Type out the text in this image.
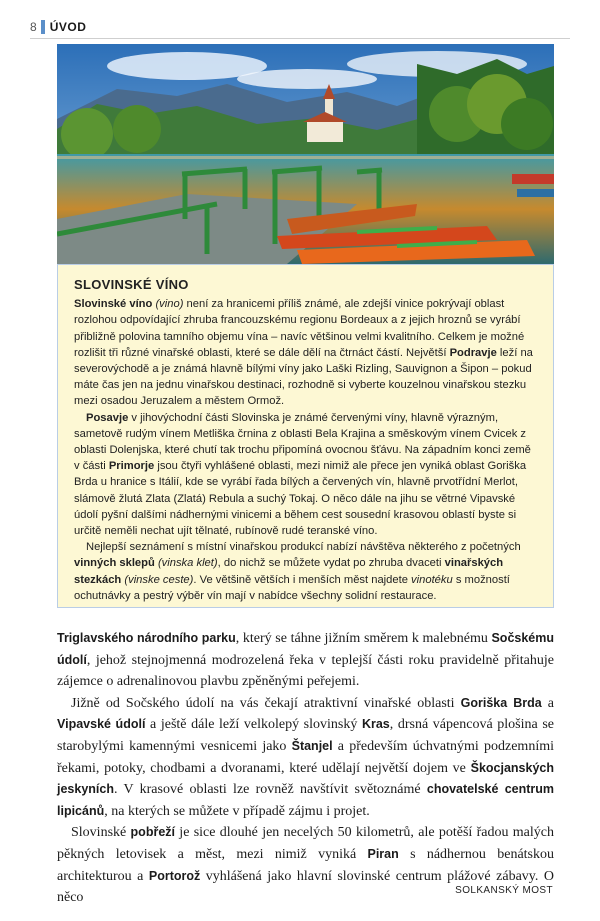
8 ÚVOD
SLOVINSKÉ VÍNO

Slovinské víno (vino) není za hranicemi příliš známé, ale zdejší vinice pokrývají oblast rozlohou odpovídající zhruba francouzskému regionu Bordeaux a z jejich hroznů se vyrábí přibližně polovina tamního objemu vína – navíc většinou velmi kvalitního. Celkem je možné rozlišit tři různé vinařské oblasti, které se dále dělí na čtrnáct částí. Největší Podravje leží na severovýchodě a je známá hlavně bílými víny jako Laški Rizling, Sauvignon a Šipon – pokud máte čas jen na jednu vinařskou destinaci, rozhodně si vyberte kouzelnou vinařskou stezku mezi osadou Jeruzalem a městem Ormož.

Posavje v jihovýchodní části Slovinska je známé červenými víny, hlavně výrazným, sametově rudým vínem Metliška črnina z oblasti Bela Krajina a směskovým vínem Cvicek z oblasti Dolenjska, které chutí tak trochu připomíná ovocnou šťávu. Na západním konci země v části Primorje jsou čtyři vyhlášené oblasti, mezi nimiž ale přece jen vyniká oblast Goriška Brda u hranice s Itálií, kde se vyrábí řada bílých a červených vín, hlavně prvotřídní Merlot, slámově žlutá Zlata (Zlatá) Rebula a suchý Tokaj. O něco dále na jihu se větrné Vipavské údolí pyšní dalšími nádhernými vinicemi a během cest sousední krasovou oblastí byste si určitě neměli nechat ujít tělnaté, rubínově rudé teranské víno.

Nejlepší seznámení s místní vinařskou produkcí nabízí návštěva některého z početných vinných sklepů (vinska klet), do nichž se můžete vydat po zhruba dvaceti vinařských stezkách (vinske ceste). Ve většině větších i menších měst najdete vinotéku s možností ochutnávky a pestrý výběr vín mají v nabídce všechny solidní restaurace.

Triglavského národního parku, který se táhne jižním směrem k malebnému Sočskému údolí, jehož stejnojmenná modrozelená řeka v teplejší části roku pravidelně přitahuje zájemce o adrenalinovou plavbu zpěněnými peřejemi.

Jižně od Sočského údolí na vás čekají atraktivní vinařské oblasti Goriška Brda a Vipavské údolí a ještě dále leží velkolepý slovinský Kras, drsná vápencová plošina se starobylými kamennými vesnicemi jako Štanjel a především úchvatnými podzemními řekami, potoky, chodbami a dvoranami, které udělají největší dojem ve Škocjanských jeskyních. V krasové oblasti lze rovněž navštívit světoznámé chovatelské centrum lipicánů, na kterých se můžete v případě zájmu i projet.

Slovinské pobřeží je sice dlouhé jen necelých 50 kilometrů, ale potěší řadou malých pěkných letovisek a měst, mezi nimiž vyniká Piran s nádhernou benátskou architekturou a Portorož vyhlášená jako hlavní slovinské centrum plážové zábavy. O něco	SOLKANSKÝ MOST
